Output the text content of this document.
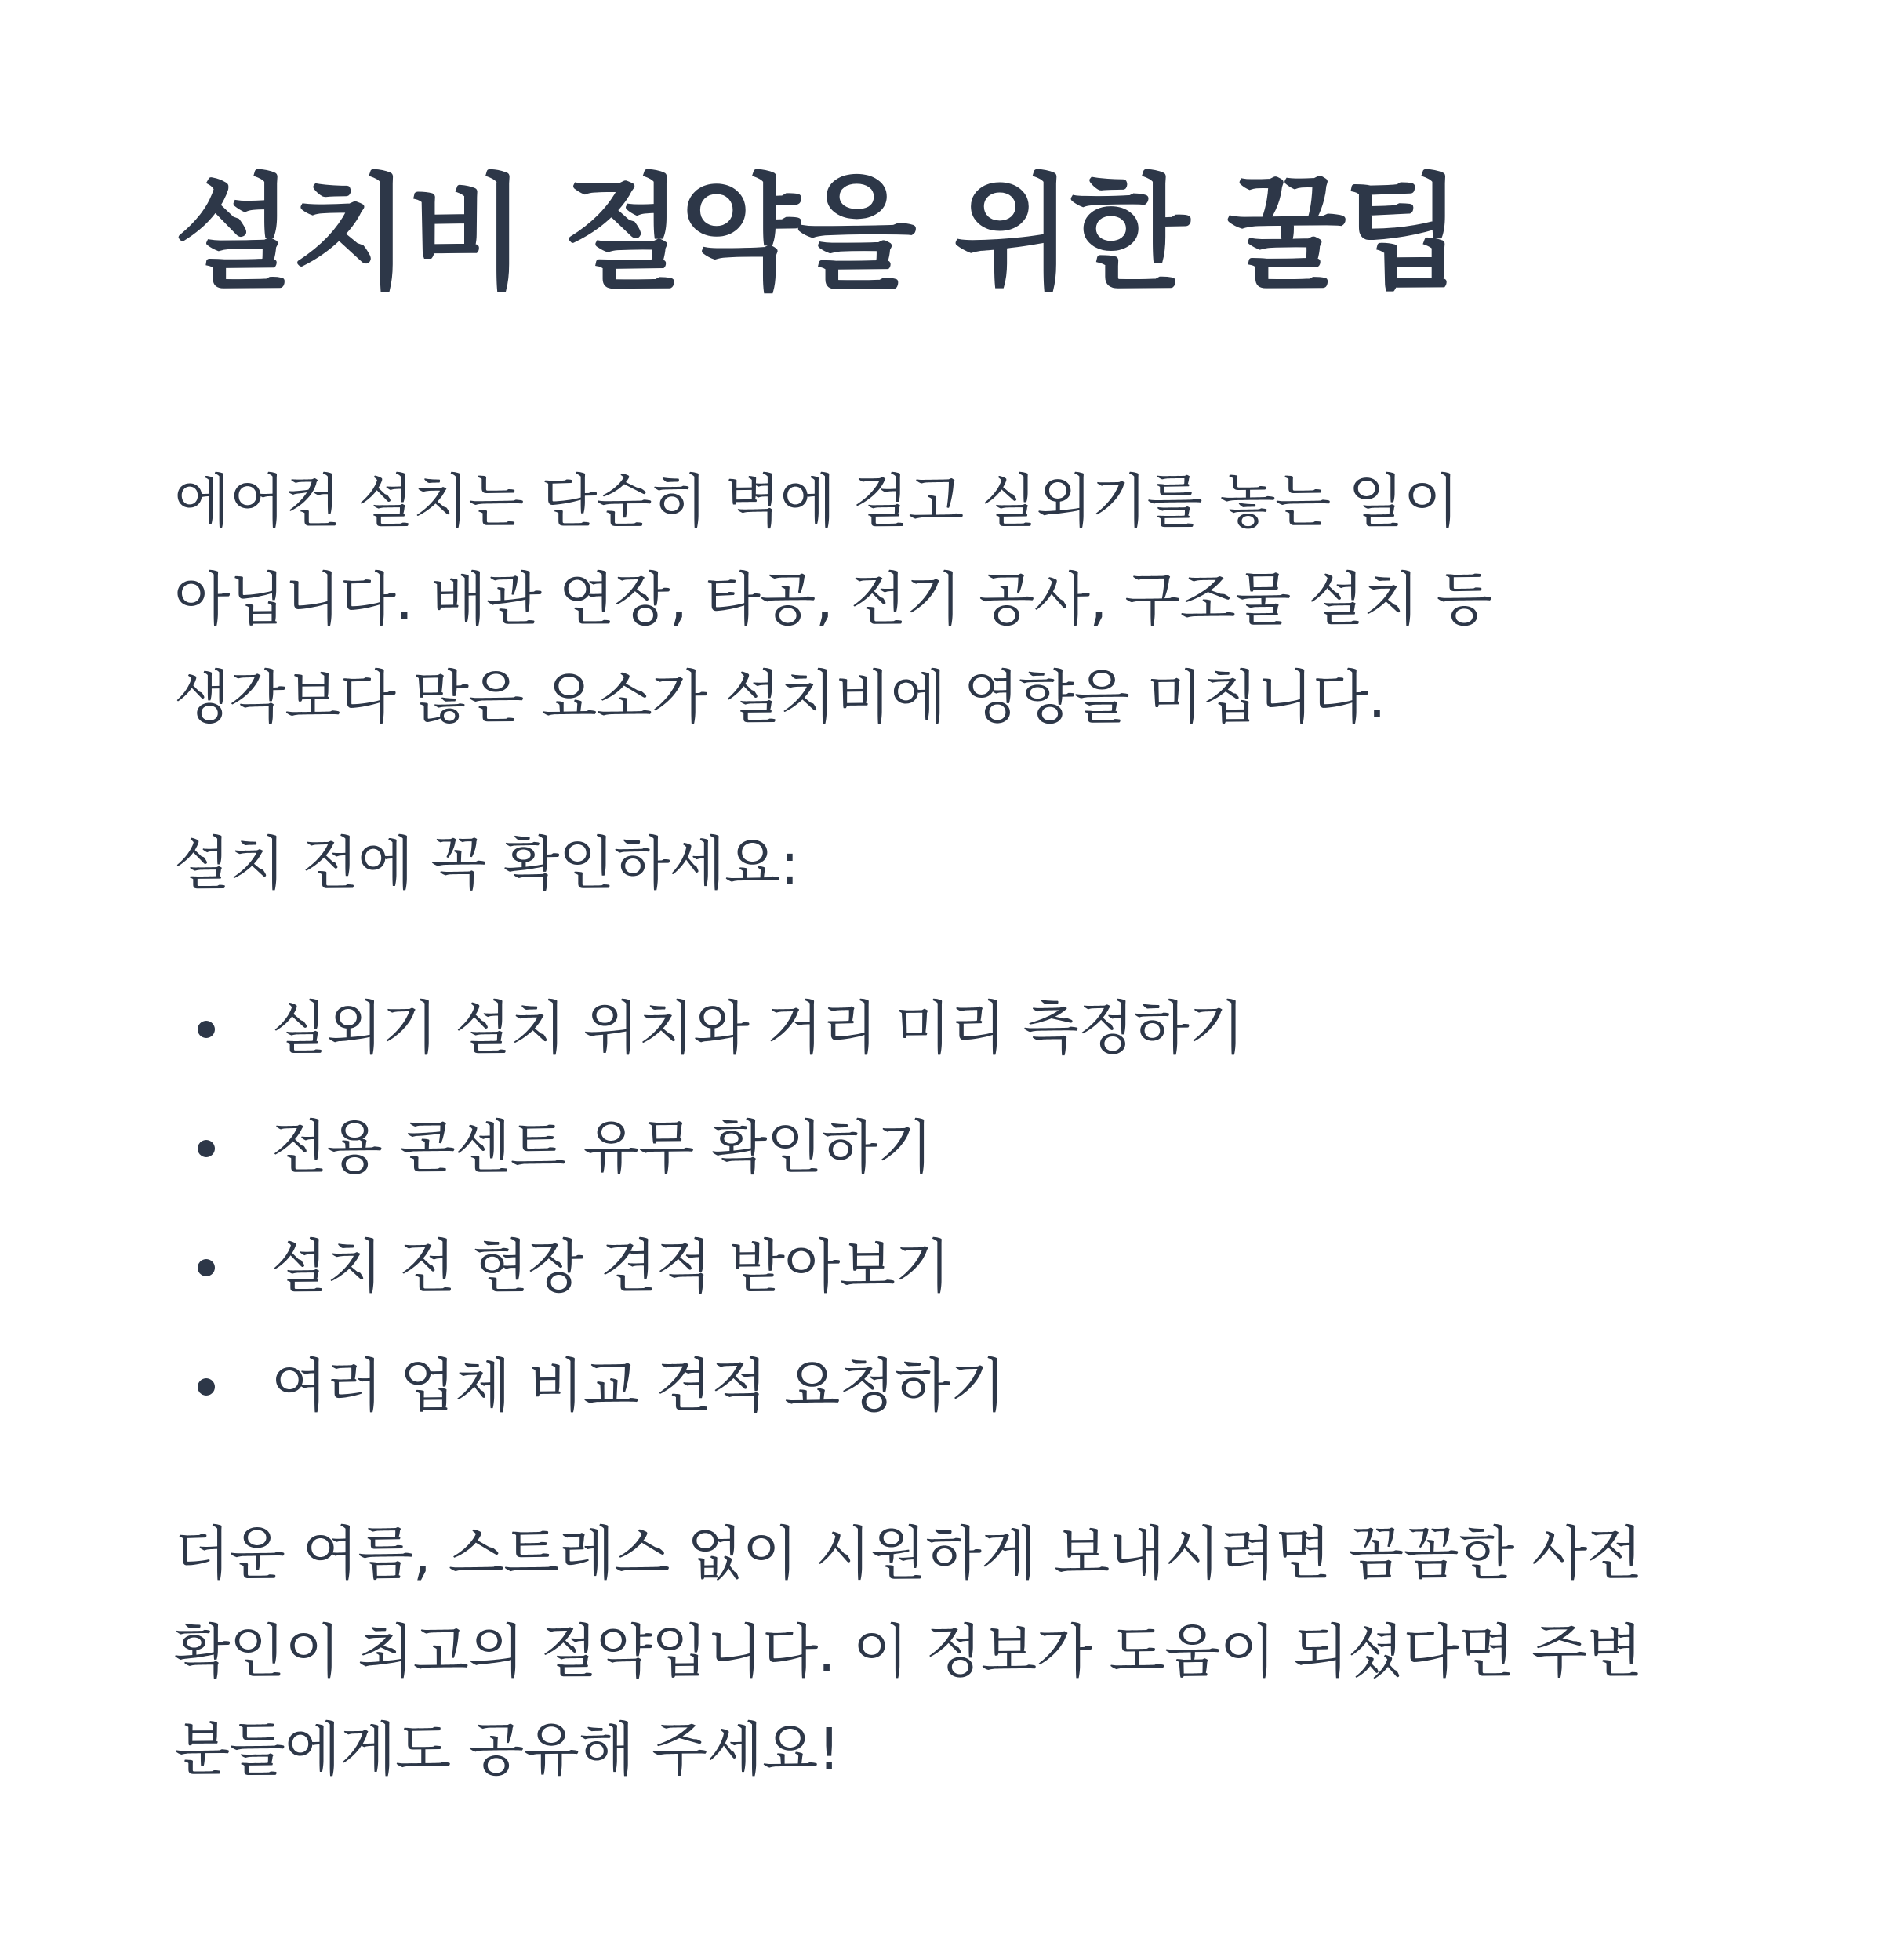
설치비 절약을 위한 꿀팁

에어컨 설치는 단순히 벽에 걸고 실외기를 놓는 일이 아닙니다. 배관 연장, 타공, 전기 공사, 구조물 설치 등 생각보다 많은 요소가 설치비에 영향을 미칩니다.

설치 전에 꼭 확인하세요:

실외기 설치 위치와 거리 미리 측정하기
전용 콘센트 유무 확인하기
설치 전 현장 견적 받아보기
여러 업체 비교 견적 요청하기

더운 여름, 스트레스 없이 시원하게 보내시려면 꼼꼼한 사전 확인이 최고의 절약입니다. 이 정보가 도움이 되셨다면 주변 분들에게도 공유해 주세요!
